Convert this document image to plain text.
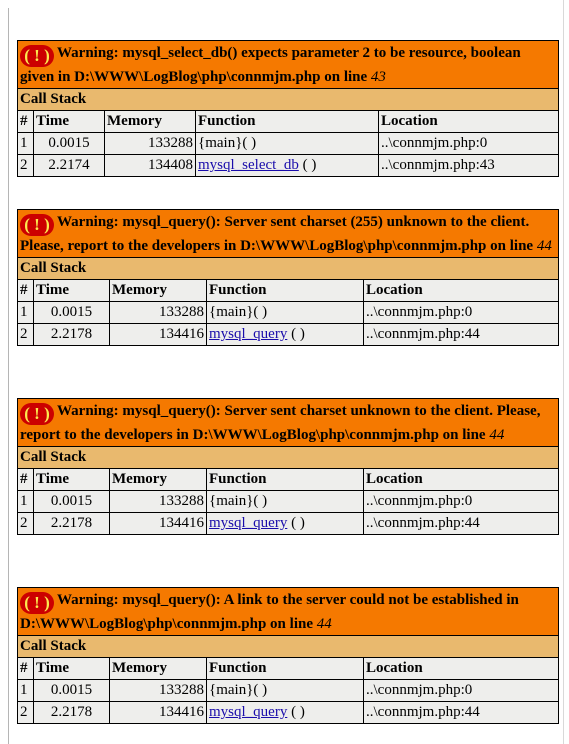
( ! ) Warning: mysql_select_db() expects parameter 2 to be resource, boolean given in D:\WWW\LogBlog\php\connmjm.php on line 43				
Call Stack				
#	Time	Memory	Function	Location
1	0.0015	133288	{main}( )	..\connmjm.php:0
2	2.2174	134408	mysql_select_db ( )	..\connmjm.php:43
( ! ) Warning: mysql_query(): Server sent charset (255) unknown to the client. Please, report to the developers in D:\WWW\LogBlog\php\connmjm.php on line 44				
Call Stack				
#	Time	Memory	Function	Location
1	0.0015	133288	{main}( )	..\connmjm.php:0
2	2.2178	134416	mysql_query ( )	..\connmjm.php:44
( ! ) Warning: mysql_query(): Server sent charset unknown to the client. Please, report to the developers in D:\WWW\LogBlog\php\connmjm.php on line 44				
Call Stack				
#	Time	Memory	Function	Location
1	0.0015	133288	{main}( )	..\connmjm.php:0
2	2.2178	134416	mysql_query ( )	..\connmjm.php:44
( ! ) Warning: mysql_query(): A link to the server could not be established in D:\WWW\LogBlog\php\connmjm.php on line 44				
Call Stack				
#	Time	Memory	Function	Location
1	0.0015	133288	{main}( )	..\connmjm.php:0
2	2.2178	134416	mysql_query ( )	..\connmjm.php:44
